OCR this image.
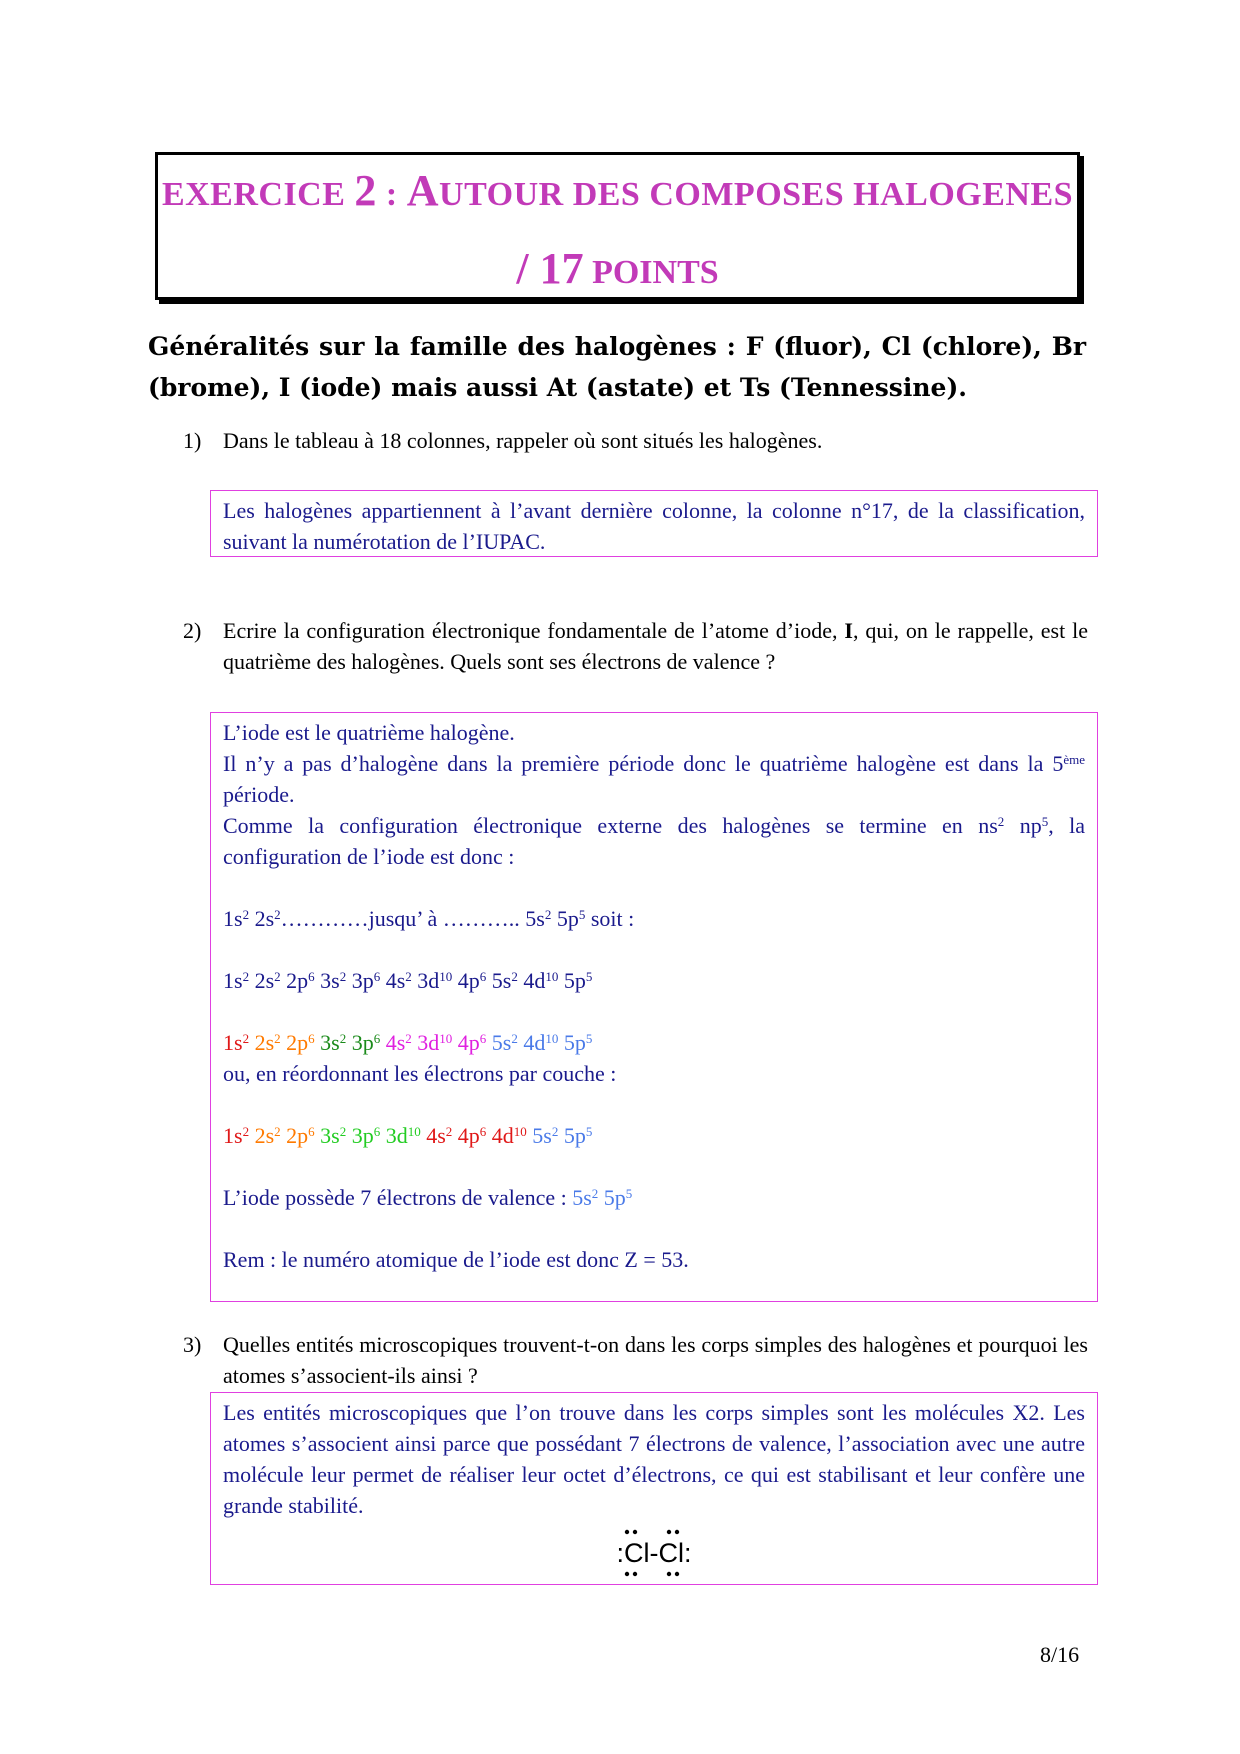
EXERCICE 2 : AUTOUR DES COMPOSES HALOGENES
/ 17 POINTS
Généralités sur la famille des halogènes : F (fluor), Cl (chlore), Br (brome), I (iode) mais aussi At (astate) et Ts (Tennessine).
1) Dans le tableau à 18 colonnes, rappeler où sont situés les halogènes.

Les halogènes appartiennent à l’avant dernière colonne, la colonne n°17, de la classification, suivant la numérotation de l’IUPAC.

2) Ecrire la configuration électronique fondamentale de l’atome d’iode, I, qui, on le rappelle, est le quatrième des halogènes. Quels sont ses électrons de valence ?

L’iode est le quatrième halogène.

Il n’y a pas d’halogène dans la première période donc le quatrième halogène est dans la 5ème période.

Comme la configuration électronique externe des halogènes se termine en $ns^2$ $np^5$, la configuration de l’iode est donc :

$1s^2$ $2s^2\dots\dots\dots\dots jusqu$’ à ……….. $5s^2$ $5p^5$ soit :

$1s^2$ $2s^2$ $2p^6$ $3s^2$ $3p^6$ $4s^2$ $3d^{10}$ $4p^6$ $5s^2$ $4d^{10}$ $5p^5$

$1s^2$ $2s^2$ $2p^6$ $3s^2$ $3p^6$ $4s^2$ $3d^{10}$ $4p^6$ $5s^2$ $4d^{10}$ $5p^5$

ou, en réordonnant les électrons par couche :

$1s^2$ $2s^2$ $2p^6$ $3s^2$ $3p^6$ $3d^{10}$ $4s^2$ $4p^6$ $4d^{10}$ $5s^2$ $5p^5$

L’iode possède 7 électrons de valence : $5s^2$ $5p^5$

Rem : le numéro atomique de l’iode est donc Z = 53.

3) Quelles entités microscopiques trouvent-t-on dans les corps simples des halogènes et pourquoi les atomes s’associent-ils ainsi ?

Les entités microscopiques que l’on trouve dans les corps simples sont les molécules X2. Les atomes s’associent ainsi parce que possédant 7 électrons de valence, l’association avec une autre molécule leur permet de réaliser leur octet d’électrons, ce qui est stabilisant et leur confère une grande stabilité.

:Cl-Cl:
8/16
